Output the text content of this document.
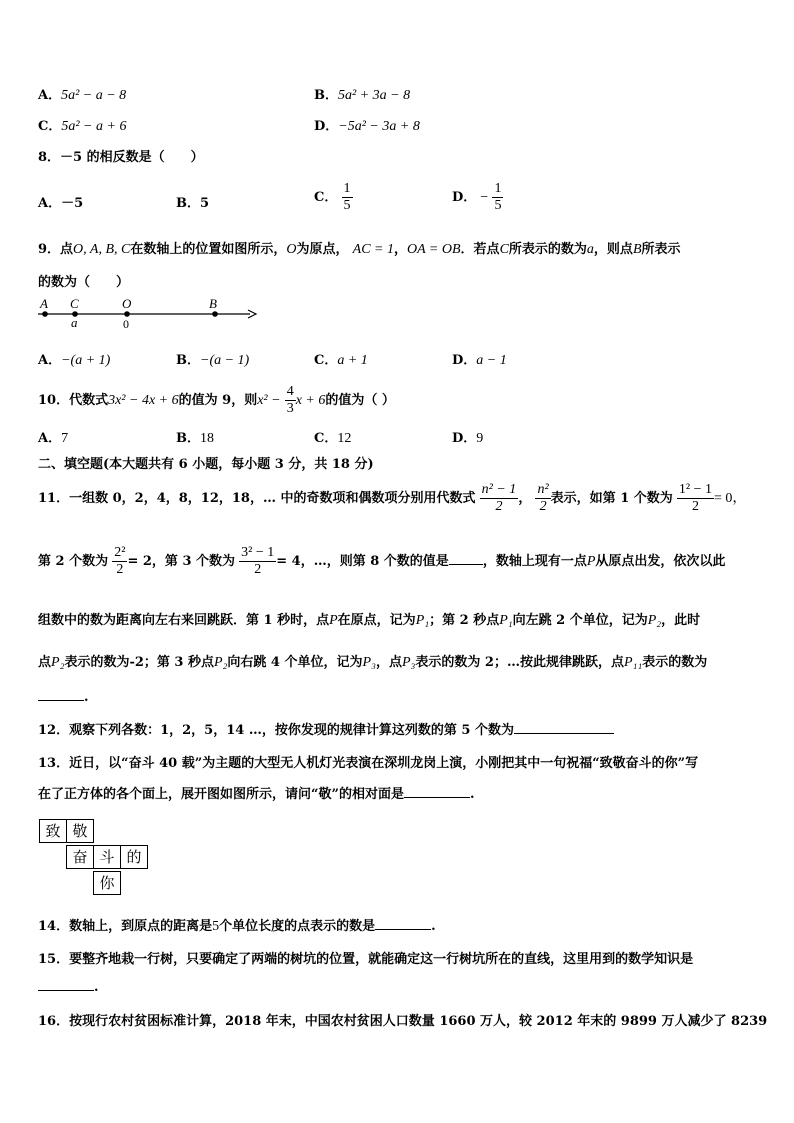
A．5a² − a − 8	B．5a² + 3a − 8
C．5a² − a + 6	D．−5a² − 3a + 8
8．－5 的相反数是（　　）
A．－5	B．5	C． $\frac{1}{5}$	D． − $\frac{1}{5}$
9．点O, A, B, C在数轴上的位置如图所示，O为原点， AC = 1，OA = OB．若点C所表示的数为a，则点B所表示
的数为（　　）
A C	O	B
a	0
A．−(a + 1)	B．−(a − 1)	C．a + 1	D．a − 1
10．代数式3x² − 4x + 6的值为 9，则$x^2 - \frac{4}{3}$ x + 6的值为（ ）
A．7	B．18	C．12	D．9
二、填空题(本大题共有 6 小题，每小题 3 分，共 18 分)
11．一组数 0，2，4，8，12，18，… 中的奇数项和偶数项分别用代数式 $\frac{\text{n² − 1}}{2}$ ， $\frac{\text{n²}}{2}$ 表示，如第 1 个数为 $\frac{\text{1² − 1}}{2} = 0$，
第 2 个数为 $\frac{\text{2²}}{2} = 2$，第 3 个数为 $\frac{\text{3² − 1}}{2} = 4$，…，则第 8 个数的值是	，数轴上现有一点P从原点出发，依次以此
组数中的数为距离向左右来回跳跃．第 1 秒时，点P在原点，记为P₁；第 2 秒点P₁向左跳 2 个单位，记为P₂，此时
点P₂表示的数为-2；第 3 秒点P₂向右跳 4 个单位，记为P₃，点P₃表示的数为 2；…按此规律跳跃，点P₁₁表示的数为
.
12．观察下列各数：1，2，5，14 …，按你发现的规律计算这列数的第 5 个数为
13．近日，以“奋斗 40 载”为主题的大型无人机灯光表演在深圳龙岗上演，小刚把其中一句祝福“致敬奋斗的你”写
在了正方体的各个面上，展开图如图所示，请问“敬”的相对面是	.
致 敬
奋 斗 的
你
14．数轴上，到原点的距离是5个单位长度的点表示的数是	.
15．要整齐地栽一行树，只要确定了两端的树坑的位置，就能确定这一行树坑所在的直线，这里用到的数学知识是
.
16．按现行农村贫困标准计算，2018 年末，中国农村贫困人口数量 1660 万人，较 2012 年末的 9899 万人减少了 8239
